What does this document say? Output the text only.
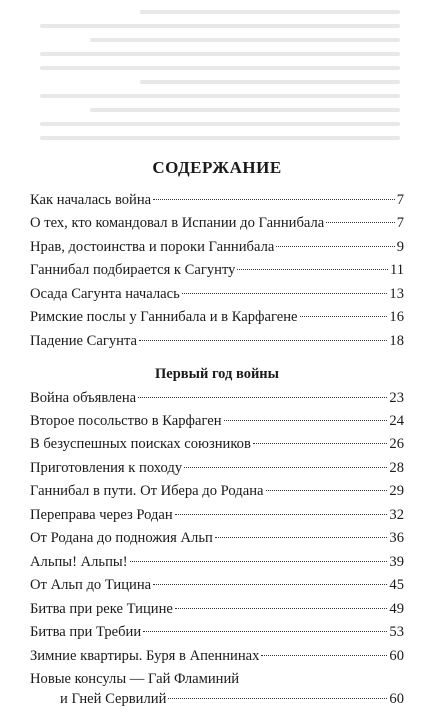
СОДЕРЖАНИЕ
Как началась война	7
О тех, кто командовал в Испании до Ганнибала	7
Нрав, достоинства и пороки Ганнибала	9
Ганнибал подбирается к Сагунту	11
Осада Сагунта началась	13
Римские послы у Ганнибала и в Карфагене	16
Падение Сагунта	18
Первый год войны
Война объявлена	23
Второе посольство в Карфаген	24
В безуспешных поисках союзников	26
Приготовления к походу	28
Ганнибал в пути. От Ибера до Родана	29
Переправа через Родан	32
От Родана до подножия Альп	36
Альпы! Альпы!	39
От Альп до Тицина	45
Битва при реке Тицине	49
Битва при Требии	53
Зимние квартиры. Буря в Апеннинах	60
Новые консулы — Гай Фламиний
и Гней Сервилий	60
